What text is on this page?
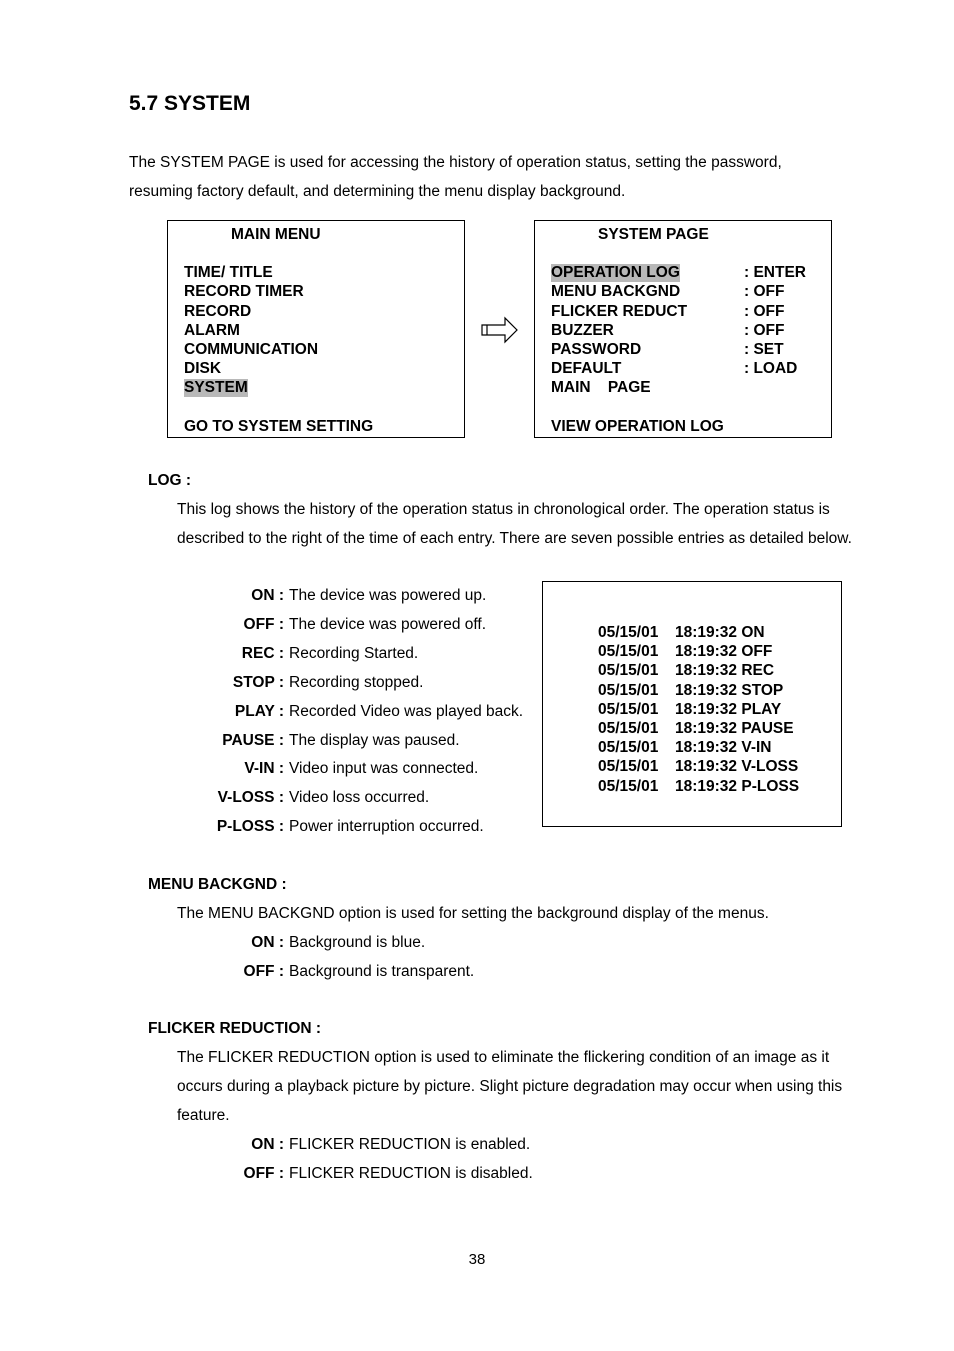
5.7 SYSTEM
The SYSTEM PAGE is used for accessing the history of operation status, setting the password, resuming factory default, and determining the menu display background.
MAIN MENU
TIME/ TITLE
RECORD TIMER
RECORD
ALARM
COMMUNICATION
DISK
SYSTEM
GO TO SYSTEM SETTING
SYSTEM PAGE
OPERATION LOG	: ENTER
MENU BACKGND	: OFF
FLICKER REDUCT	: OFF
BUZZER	: OFF
PASSWORD	: SET
DEFAULT	: LOAD
MAIN    PAGE
VIEW OPERATION LOG
LOG :
This log shows the history of the operation status in chronological order. The operation status is described to the right of the time of each entry. There are seven possible entries as detailed below.
ON : The device was powered up.
OFF : The device was powered off.
REC : Recording Started.
STOP : Recording stopped.
PLAY : Recorded Video was played back.
PAUSE : The display was paused.
V-IN : Video input was connected.
V-LOSS : Video loss occurred.
P-LOSS : Power interruption occurred.
05/15/01 18:19:32 ON
05/15/01 18:19:32 OFF
05/15/01 18:19:32 REC
05/15/01 18:19:32 STOP
05/15/01 18:19:32 PLAY
05/15/01 18:19:32 PAUSE
05/15/01 18:19:32 V-IN
05/15/01 18:19:32 V-LOSS
05/15/01 18:19:32 P-LOSS
MENU BACKGND :
The MENU BACKGND option is used for setting the background display of the menus.
ON : Background is blue.
OFF : Background is transparent.
FLICKER REDUCTION :
The FLICKER REDUCTION option is used to eliminate the flickering condition of an image as it occurs during a playback picture by picture. Slight picture degradation may occur when using this feature.
ON : FLICKER REDUCTION is enabled.
OFF : FLICKER REDUCTION is disabled.
38
